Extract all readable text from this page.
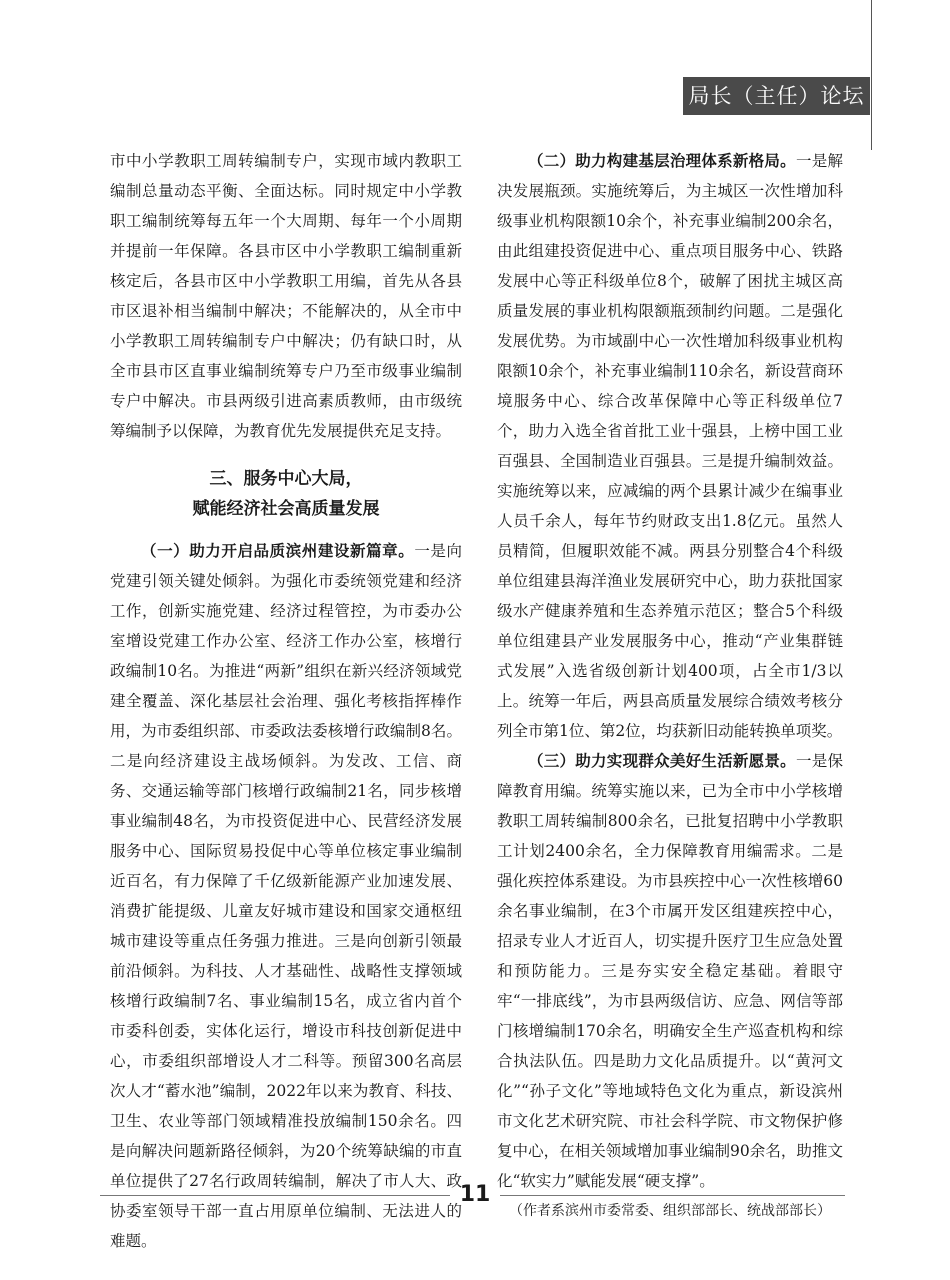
局长（主任）论坛

市中小学教职工周转编制专户，实现市域内教职工编制总量动态平衡、全面达标。同时规定中小学教职工编制统筹每五年一个大周期、每年一个小周期并提前一年保障。各县市区中小学教职工编制重新核定后，各县市区中小学教职工用编，首先从各县市区退补相当编制中解决；不能解决的，从全市中小学教职工周转编制专户中解决；仍有缺口时，从全市县市区直事业编制统筹专户乃至市级事业编制专户中解决。市县两级引进高素质教师，由市级统筹编制予以保障，为教育优先发展提供充足支持。

三、服务中心大局，
赋能经济社会高质量发展

（一）助力开启品质滨州建设新篇章。一是向党建引领关键处倾斜。为强化市委统领党建和经济工作，创新实施党建、经济过程管控，为市委办公室增设党建工作办公室、经济工作办公室，核增行政编制10名。为推进“两新”组织在新兴经济领域党建全覆盖、深化基层社会治理、强化考核指挥棒作用，为市委组织部、市委政法委核增行政编制8名。二是向经济建设主战场倾斜。为发改、工信、商务、交通运输等部门核增行政编制21名，同步核增事业编制48名，为市投资促进中心、民营经济发展服务中心、国际贸易投促中心等单位核定事业编制近百名，有力保障了千亿级新能源产业加速发展、消费扩能提级、儿童友好城市建设和国家交通枢纽城市建设等重点任务强力推进。三是向创新引领最前沿倾斜。为科技、人才基础性、战略性支撑领域核增行政编制7名、事业编制15名，成立省内首个市委科创委，实体化运行，增设市科技创新促进中心，市委组织部增设人才二科等。预留300名高层次人才“蓄水池”编制，2022年以来为教育、科技、卫生、农业等部门领域精准投放编制150余名。四是向解决问题新路径倾斜，为20个统筹缺编的市直单位提供了27名行政周转编制，解决了市人大、政协委室领导干部一直占用原单位编制、无法进人的难题。

（二）助力构建基层治理体系新格局。一是解决发展瓶颈。实施统筹后，为主城区一次性增加科级事业机构限额10余个，补充事业编制200余名，由此组建投资促进中心、重点项目服务中心、铁路发展中心等正科级单位8个，破解了困扰主城区高质量发展的事业机构限额瓶颈制约问题。二是强化发展优势。为市域副中心一次性增加科级事业机构限额10余个，补充事业编制110余名，新设营商环境服务中心、综合改革保障中心等正科级单位7个，助力入选全省首批工业十强县，上榜中国工业百强县、全国制造业百强县。三是提升编制效益。实施统筹以来，应减编的两个县累计减少在编事业人员千余人，每年节约财政支出1.8亿元。虽然人员精简，但履职效能不减。两县分别整合4个科级单位组建县海洋渔业发展研究中心，助力获批国家级水产健康养殖和生态养殖示范区；整合5个科级单位组建县产业发展服务中心，推动“产业集群链式发展”入选省级创新计划400项，占全市1/3以上。统筹一年后，两县高质量发展综合绩效考核分列全市第1位、第2位，均获新旧动能转换单项奖。

（三）助力实现群众美好生活新愿景。一是保障教育用编。统筹实施以来，已为全市中小学核增教职工周转编制800余名，已批复招聘中小学教职工计划2400余名，全力保障教育用编需求。二是强化疾控体系建设。为市县疾控中心一次性核增60余名事业编制，在3个市属开发区组建疾控中心，招录专业人才近百人，切实提升医疗卫生应急处置和预防能力。三是夯实安全稳定基础。着眼守牢“一排底线”，为市县两级信访、应急、网信等部门核增编制170余名，明确安全生产巡查机构和综合执法队伍。四是助力文化品质提升。以“黄河文化”“孙子文化”等地域特色文化为重点，新设滨州市文化艺术研究院、市社会科学院、市文物保护修复中心，在相关领域增加事业编制90余名，助推文化“软实力”赋能发展“硬支撑”。

（作者系滨州市委常委、组织部部长、统战部部长）

11
